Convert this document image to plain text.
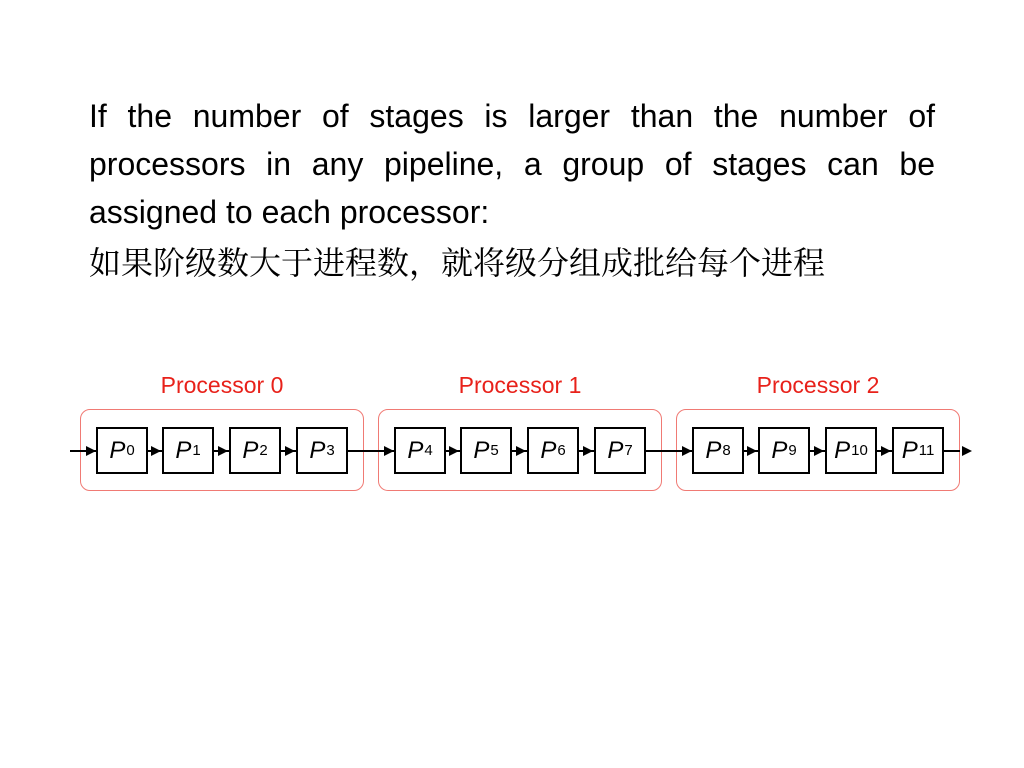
If the number of stages is larger than the number of processors in any pipeline, a group of stages can be assigned to each processor:
如果阶级数大于进程数，就将级分组成批给每个进程
Processor 0	Processor 1	Processor 2
P 0 P 1 P 2 P 3	P 4 P 5 P 6 P 7	P 8 P 9 P 10 P 11
